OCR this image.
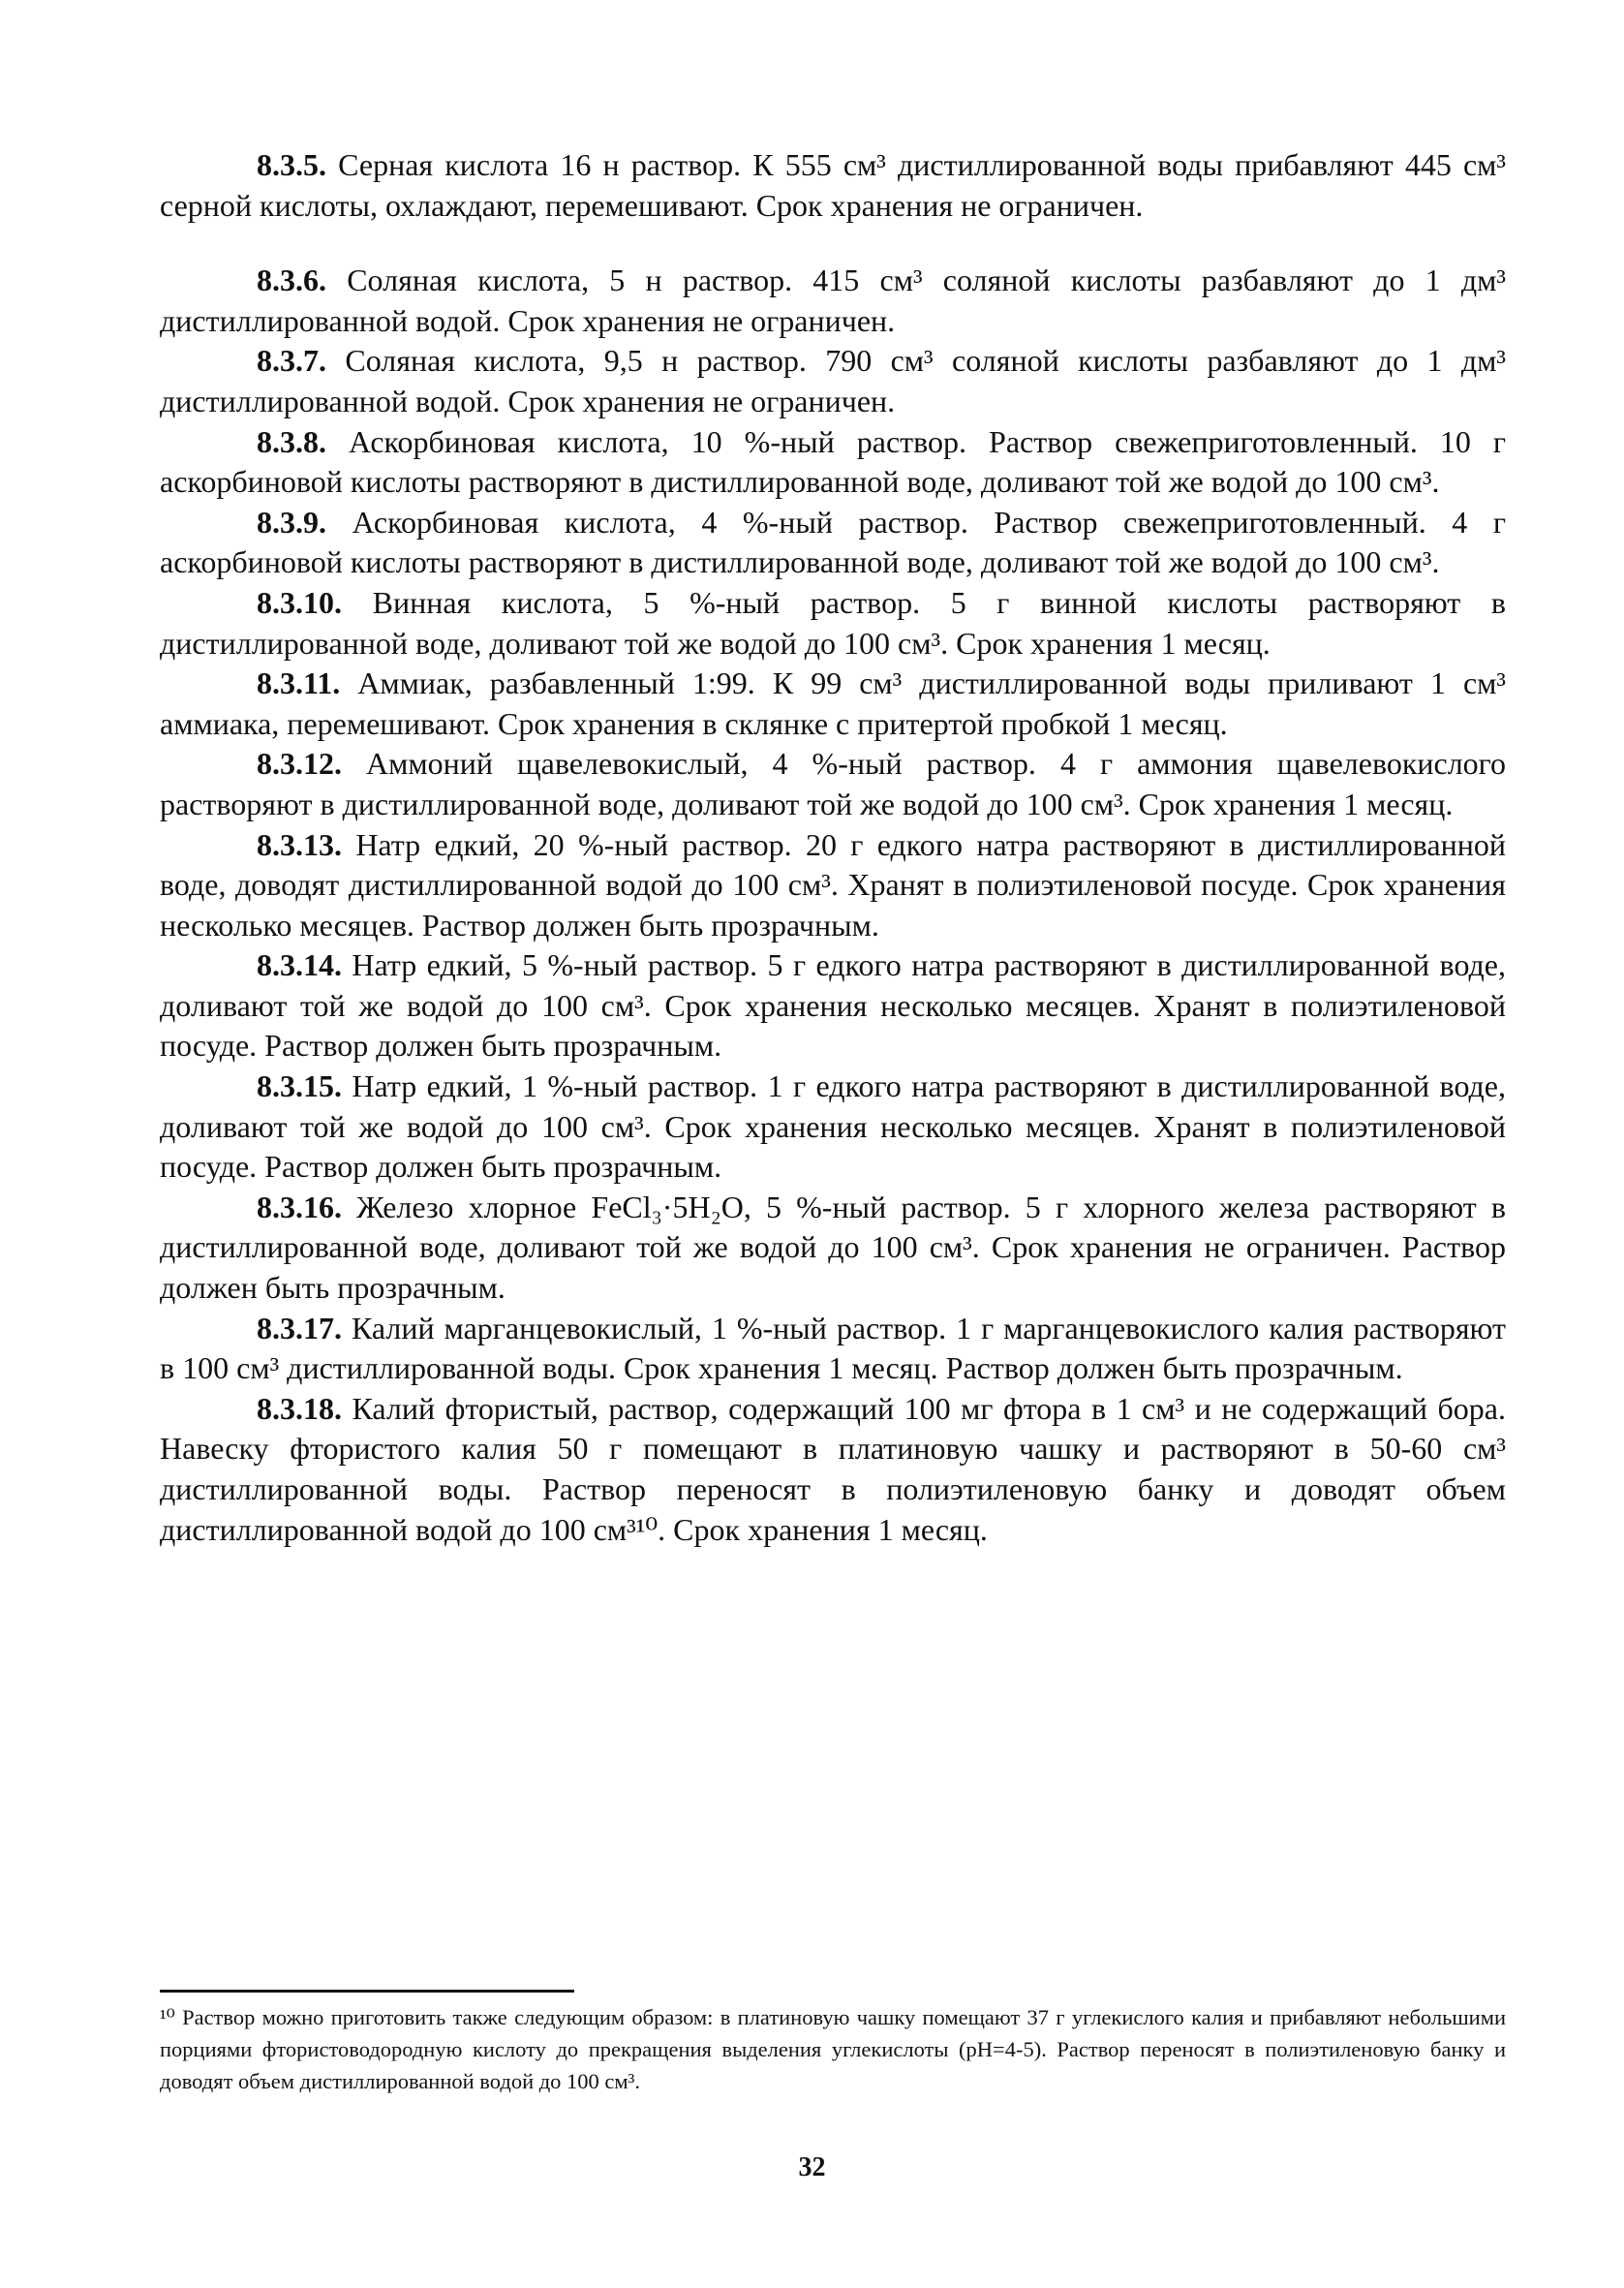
8.3.5. Серная кислота 16 н раствор. К 555 см³ дистиллированной воды прибавляют 445 см³ серной кислоты, охлаждают, перемешивают. Срок хранения не ограничен.

8.3.6. Соляная кислота, 5 н раствор. 415 см³ соляной кислоты разбавляют до 1 дм³ дистиллированной водой. Срок хранения не ограничен.

8.3.7. Соляная кислота, 9,5 н раствор. 790 см³ соляной кислоты разбавляют до 1 дм³ дистиллированной водой. Срок хранения не ограничен.

8.3.8. Аскорбиновая кислота, 10 %-ный раствор. Раствор свежеприготовленный. 10 г аскорбиновой кислоты растворяют в дистиллированной воде, доливают той же водой до 100 см³.

8.3.9. Аскорбиновая кислота, 4 %-ный раствор. Раствор свежеприготовленный. 4 г аскорбиновой кислоты растворяют в дистиллированной воде, доливают той же водой до 100 см³.

8.3.10. Винная кислота, 5 %-ный раствор. 5 г винной кислоты растворяют в дистиллированной воде, доливают той же водой до 100 см³. Срок хранения 1 месяц.

8.3.11. Аммиак, разбавленный 1:99. К 99 см³ дистиллированной воды приливают 1 см³ аммиака, перемешивают. Срок хранения в склянке с притертой пробкой 1 месяц.

8.3.12. Аммоний щавелевокислый, 4 %-ный раствор. 4 г аммония щавелевокислого растворяют в дистиллированной воде, доливают той же водой до 100 см³. Срок хранения 1 месяц.

8.3.13. Натр едкий, 20 %-ный раствор. 20 г едкого натра растворяют в дистиллированной воде, доводят дистиллированной водой до 100 см³. Хранят в полиэтиленовой посуде. Срок хранения несколько месяцев. Раствор должен быть прозрачным.

8.3.14. Натр едкий, 5 %-ный раствор. 5 г едкого натра растворяют в дистиллированной воде, доливают той же водой до 100 см³. Срок хранения несколько месяцев. Хранят в полиэтиленовой посуде. Раствор должен быть прозрачным.

8.3.15. Натр едкий, 1 %-ный раствор. 1 г едкого натра растворяют в дистиллированной воде, доливают той же водой до 100 см³. Срок хранения несколько месяцев. Хранят в полиэтиленовой посуде. Раствор должен быть прозрачным.

8.3.16. Железо хлорное FeCl₃·5H₂O, 5 %-ный раствор. 5 г хлорного железа растворяют в дистиллированной воде, доливают той же водой до 100 см³. Срок хранения не ограничен. Раствор должен быть прозрачным.

8.3.17. Калий марганцевокислый, 1 %-ный раствор. 1 г марганцевокислого калия растворяют в 100 см³ дистиллированной воды. Срок хранения 1 месяц. Раствор должен быть прозрачным.

8.3.18. Калий фтористый, раствор, содержащий 100 мг фтора в 1 см³ и не содержащий бора. Навеску фтористого калия 50 г помещают в платиновую чашку и растворяют в 50-60 см³ дистиллированной воды. Раствор переносят в полиэтиленовую банку и доводят объем дистиллированной водой до 100 см³¹⁰. Срок хранения 1 месяц.

¹⁰ Раствор можно приготовить также следующим образом: в платиновую чашку помещают 37 г углекислого калия и прибавляют небольшими порциями фтористоводородную кислоту до прекращения выделения углекислоты (pH=4-5). Раствор переносят в полиэтиленовую банку и доводят объем дистиллированной водой до 100 см³.

32
